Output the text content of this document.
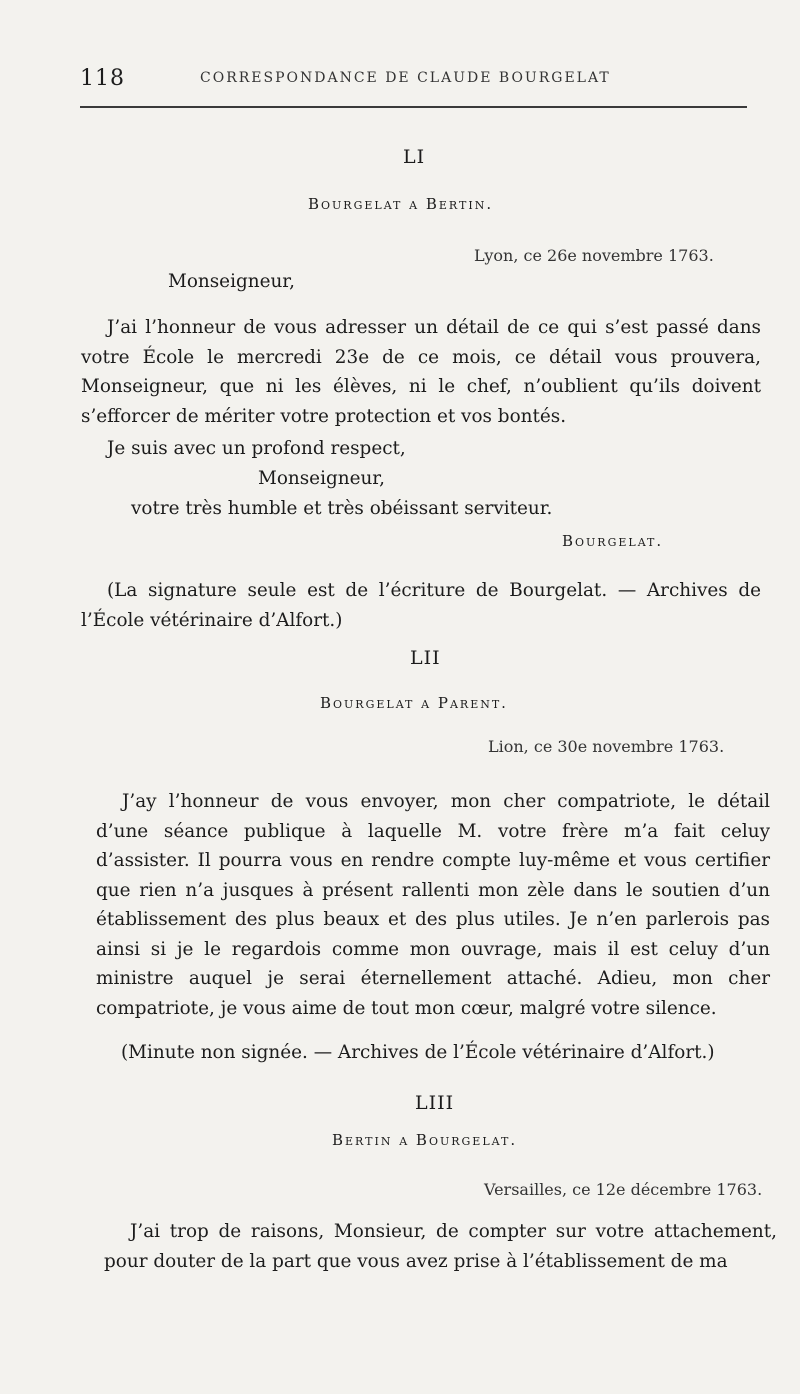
118	CORRESPONDANCE DE CLAUDE BOURGELAT
LI
Bourgelat a Bertin.
Lyon, ce 26e novembre 1763.
Monseigneur,
J’ai l’honneur de vous adresser un détail de ce qui s’est passé dans votre École le mercredi 23e de ce mois, ce détail vous prouvera, Monseigneur, que ni les élèves, ni le chef, n’oublient qu’ils doivent s’efforcer de mériter votre protection et vos bontés.
Je suis avec un profond respect,
Monseigneur,
votre très humble et très obéissant serviteur.
Bourgelat.
(La signature seule est de l’écriture de Bourgelat. — Archives de l’École vétérinaire d’Alfort.)
LII
Bourgelat a Parent.
Lion, ce 30e novembre 1763.
J’ay l’honneur de vous envoyer, mon cher compatriote, le détail d’une séance publique à laquelle M. votre frère m’a fait celuy d’assister. Il pourra vous en rendre compte luy-même et vous certifier que rien n’a jusques à présent rallenti mon zèle dans le soutien d’un établissement des plus beaux et des plus utiles. Je n’en parlerois pas ainsi si je le regardois comme mon ouvrage, mais il est celuy d’un ministre auquel je serai éternellement attaché. Adieu, mon cher compatriote, je vous aime de tout mon cœur, malgré votre silence.
(Minute non signée. — Archives de l’École vétérinaire d’Alfort.)
LIII
Bertin a Bourgelat.
Versailles, ce 12e décembre 1763.
J’ai trop de raisons, Monsieur, de compter sur votre attachement, pour douter de la part que vous avez prise à l’établissement de ma
